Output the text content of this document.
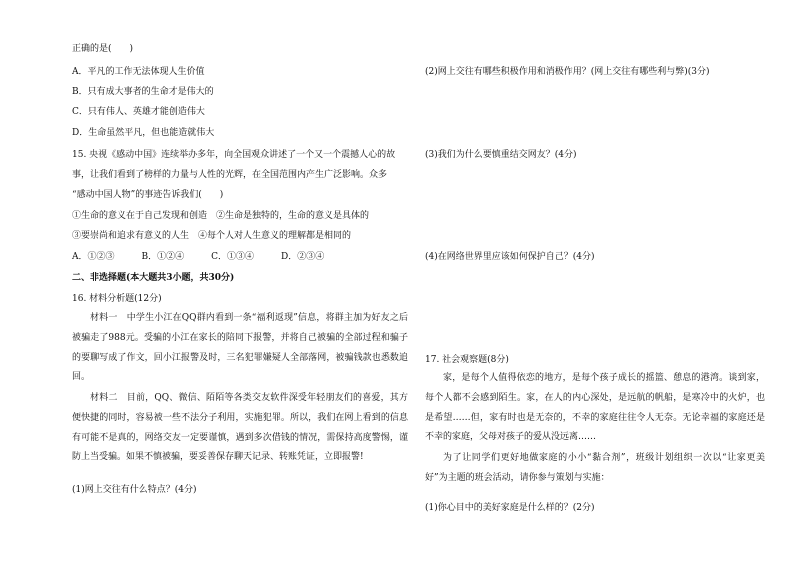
正确的是(　　)
A．平凡的工作无法体现人生价值
B．只有成大事者的生命才是伟大的
C．只有伟人、英雄才能创造伟大
D．生命虽然平凡，但也能造就伟大
15. 央视《感动中国》连续举办多年，向全国观众讲述了一个又一个震撼人心的故
事，让我们看到了榜样的力量与人性的光辉，在全国范围内产生广泛影响。众多
“感动中国人物”的事迹告诉我们(　　)
①生命的意义在于自己发现和创造　②生命是独特的，生命的意义是具体的
③要崇尚和追求有意义的人生　④每个人对人生意义的理解都是相同的
A．①②③　　　B．①②④　　　C．①③④　　　D．②③④
二、非选择题(本大题共3小题，共30分)
16. 材料分析题(12分)

材料一　中学生小江在QQ群内看到一条“福利返现”信息，将群主加为好友之后被骗走了988元。受骗的小江在家长的陪同下报警，并将自己被骗的全部过程和骗子的要聊写成了作文，回小江报警及时，三名犯罪嫌疑人全部落网，被骗钱款也悉数追回。

材料二　目前，QQ、微信、陌陌等各类交友软件深受年轻朋友们的喜爱，其方便快捷的同时，容易被一些不法分子利用，实施犯罪。所以，我们在网上看到的信息有可能不是真的，网络交友一定要谨慎，遇到多次借钱的情况，需保持高度警惕，谨防上当受骗。如果不慎被骗，要妥善保存聊天记录、转账凭证，立即报警!

(1)网上交往有什么特点？(4分)
(2)网上交往有哪些积极作用和消极作用？(网上交往有哪些利与弊)(3分)
(3)我们为什么要慎重结交网友？(4分)
(4)在网络世界里应该如何保护自己？(4分)
17. 社会观察题(8分)

家，是每个人值得依恋的地方，是每个孩子成长的摇篮、憩息的港湾。谈到家，每个人都不会感到陌生。家，在人的内心深处，是远航的帆船，是寒冷中的火炉，也是希望……但，家有时也是无奈的，不幸的家庭往往令人无奈。无论幸福的家庭还是不幸的家庭，父母对孩子的爱从没远离……

为了让同学们更好地做家庭的小小“黏合剂”，班级计划组织一次以“让家更美好”为主题的班会活动，请你参与策划与实施：

(1)你心目中的美好家庭是什么样的？(2分)
